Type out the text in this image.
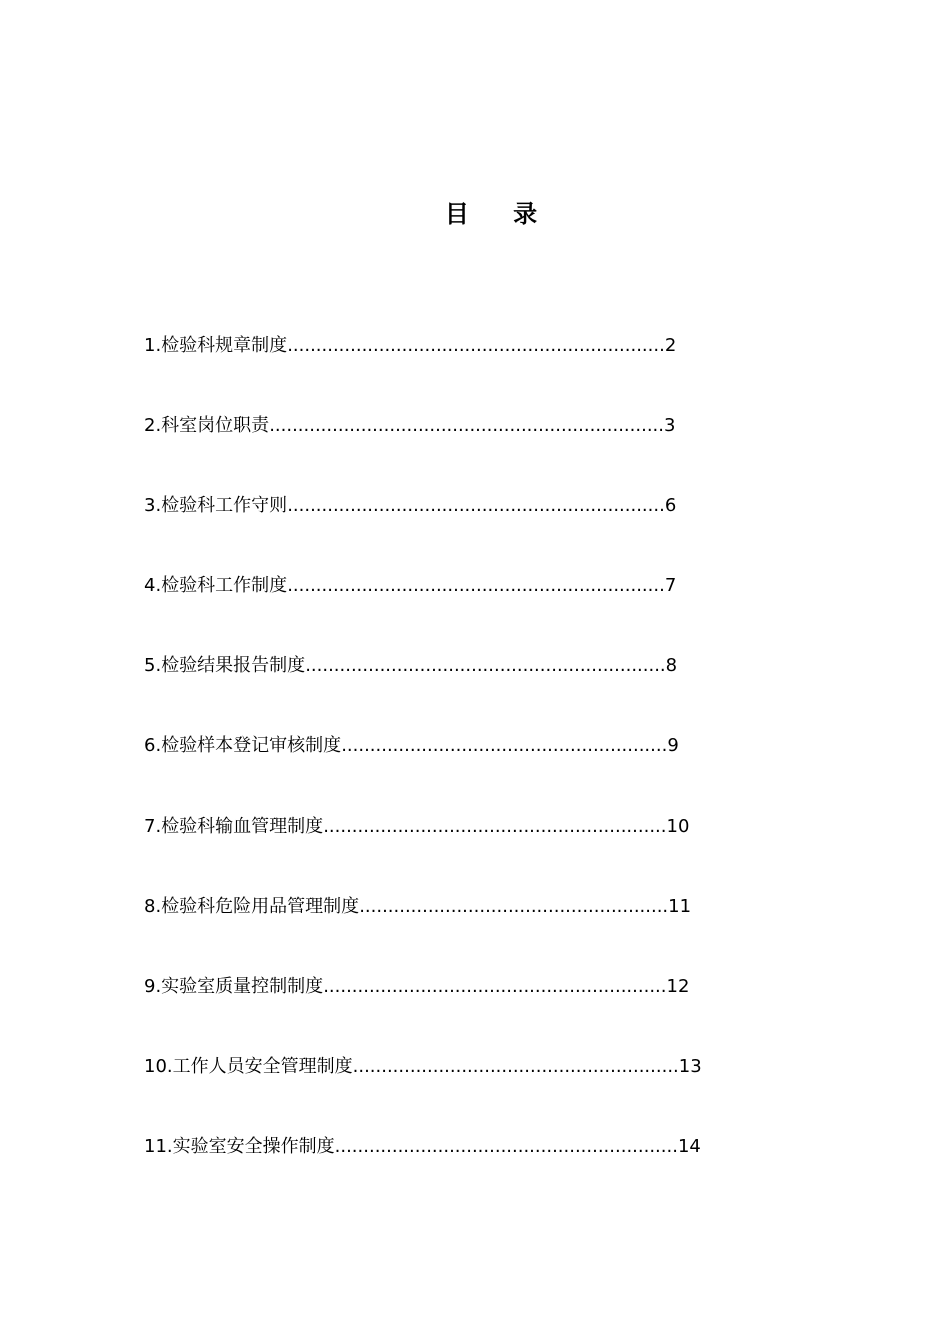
目 录
1.检验科规章制度..................................................................2
2.科室岗位职责.....................................................................3
3.检验科工作守则..................................................................6
4.检验科工作制度..................................................................7
5.检验结果报告制度...............................................................8
6.检验样本登记审核制度.........................................................9
7.检验科输血管理制度............................................................10
8.检验科危险用品管理制度......................................................11
9.实验室质量控制制度............................................................12
10.工作人员安全管理制度.........................................................13
11.实验室安全操作制度............................................................14
